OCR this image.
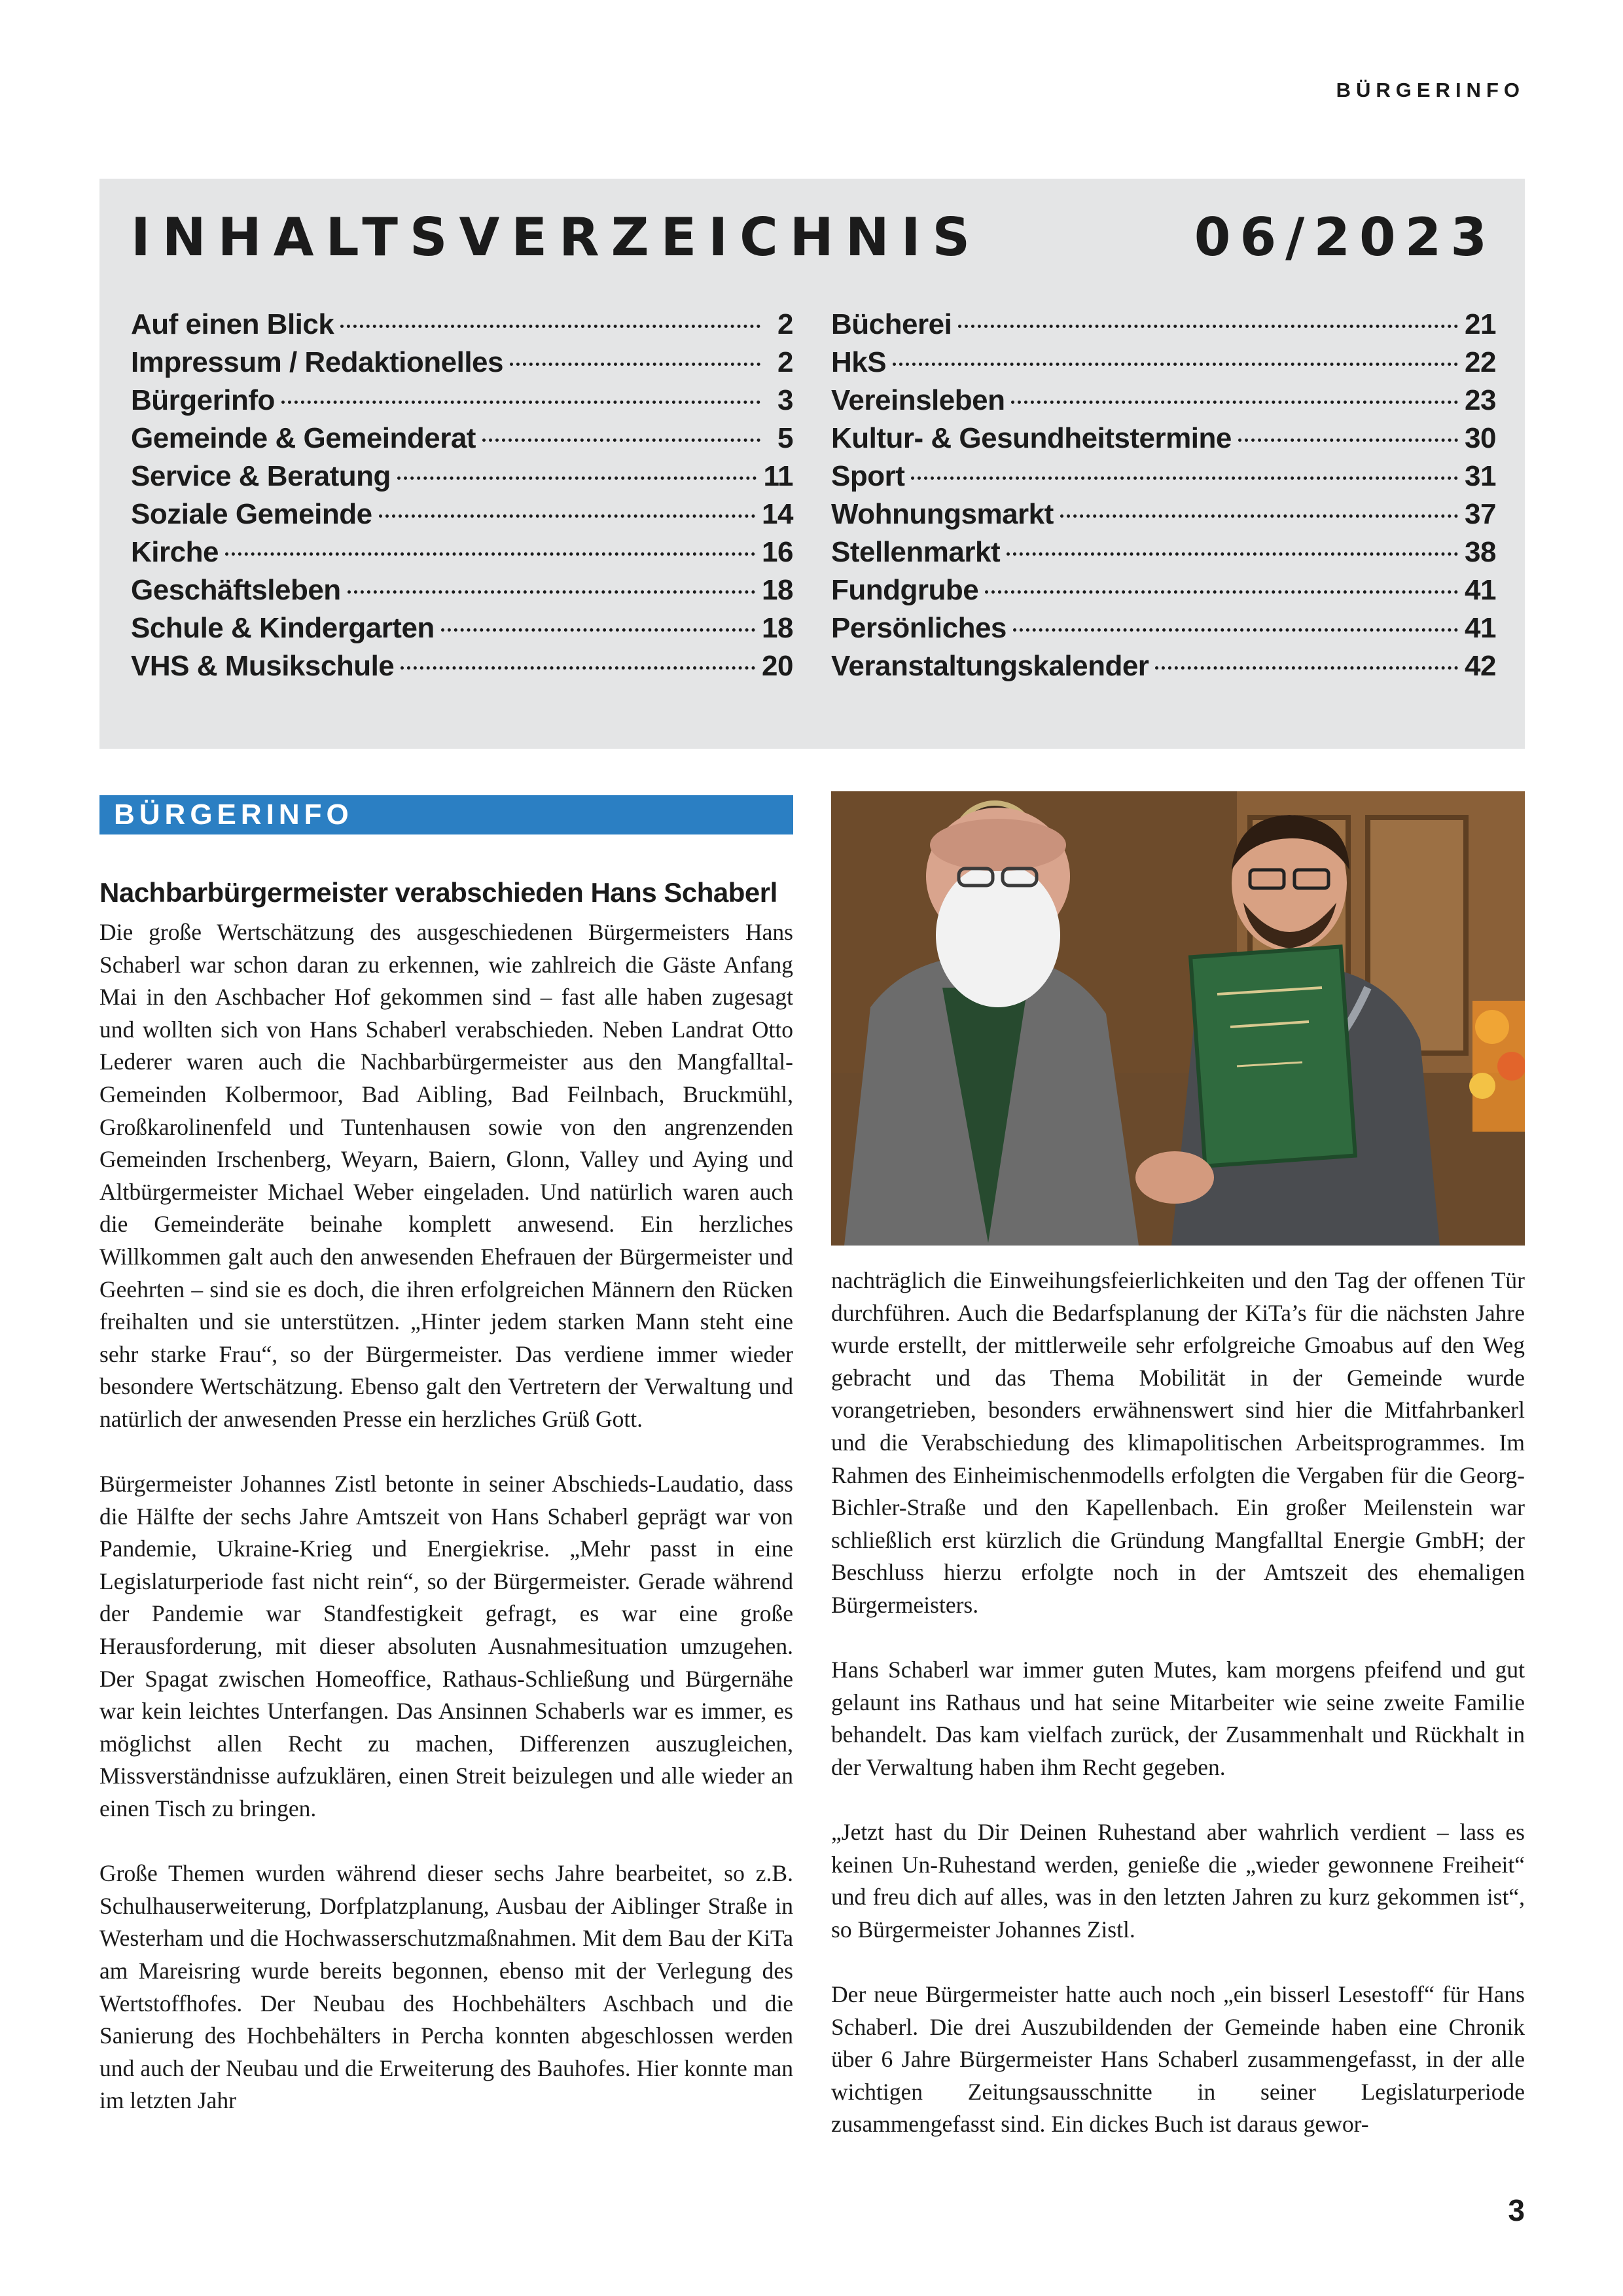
BÜRGERINFO
INHALTSVERZEICHNIS	06/2023
Auf einen Blick	2
Impressum / Redaktionelles	2
Bürgerinfo	3
Gemeinde & Gemeinderat	5
Service & Beratung	11
Soziale Gemeinde	14
Kirche	16
Geschäftsleben	18
Schule & Kindergarten	18
VHS & Musikschule	20
Bücherei	21
HkS	22
Vereinsleben	23
Kultur- & Gesundheitstermine	30
Sport	31
Wohnungsmarkt	37
Stellenmarkt	38
Fundgrube	41
Persönliches	41
Veranstaltungskalender	42
BÜRGERINFO
Nachbarbürgermeister verabschieden Hans Schaberl

Die große Wertschätzung des ausgeschiedenen Bürgermeisters Hans Schaberl war schon daran zu erkennen, wie zahlreich die Gäste Anfang Mai in den Aschbacher Hof gekommen sind – fast alle haben zugesagt und wollten sich von Hans Schaberl verabschieden. Neben Landrat Otto Lederer waren auch die Nachbarbürgermeister aus den Mangfalltal-Gemeinden Kolbermoor, Bad Aibling, Bad Feilnbach, Bruckmühl, Großkarolinenfeld und Tuntenhausen sowie von den angrenzenden Gemeinden Irschenberg, Weyarn, Baiern, Glonn, Valley und Aying und Altbürgermeister Michael Weber eingeladen. Und natürlich waren auch die Gemeinderäte beinahe komplett anwesend. Ein herzliches Willkommen galt auch den anwesenden Ehefrauen der Bürgermeister und Geehrten – sind sie es doch, die ihren erfolgreichen Männern den Rücken freihalten und sie unterstützen. „Hinter jedem starken Mann steht eine sehr starke Frau“, so der Bürgermeister. Das verdiene immer wieder besondere Wertschätzung. Ebenso galt den Vertretern der Verwaltung und natürlich der anwesenden Presse ein herzliches Grüß Gott.

Bürgermeister Johannes Zistl betonte in seiner Abschieds-Laudatio, dass die Hälfte der sechs Jahre Amtszeit von Hans Schaberl geprägt war von Pandemie, Ukraine-Krieg und Energiekrise. „Mehr passt in eine Legislaturperiode fast nicht rein“, so der Bürgermeister. Gerade während der Pandemie war Standfestigkeit gefragt, es war eine große Herausforderung, mit dieser absoluten Ausnahmesituation umzugehen. Der Spagat zwischen Homeoffice, Rathaus-Schließung und Bürgernähe war kein leichtes Unterfangen. Das Ansinnen Schaberls war es immer, es möglichst allen Recht zu machen, Differenzen auszugleichen, Missverständnisse aufzuklären, einen Streit beizulegen und alle wieder an einen Tisch zu bringen.

Große Themen wurden während dieser sechs Jahre bearbeitet, so z.B. Schulhauserweiterung, Dorfplatzplanung, Ausbau der Aiblinger Straße in Westerham und die Hochwasserschutzmaßnahmen. Mit dem Bau der KiTa am Mareisring wurde bereits begonnen, ebenso mit der Verlegung des Wertstoffhofes. Der Neubau des Hochbehälters Aschbach und die Sanierung des Hochbehälters in Percha konnten abgeschlossen werden und auch der Neubau und die Erweiterung des Bauhofes. Hier konnte man im letzten Jahr

nachträglich die Einweihungsfeierlichkeiten und den Tag der offenen Tür durchführen. Auch die Bedarfsplanung der KiTa’s für die nächsten Jahre wurde erstellt, der mittlerweile sehr erfolgreiche Gmoabus auf den Weg gebracht und das Thema Mobilität in der Gemeinde wurde vorangetrieben, besonders erwähnenswert sind hier die Mitfahrbankerl und die Verabschiedung des klimapolitischen Arbeitsprogrammes. Im Rahmen des Einheimischenmodells erfolgten die Vergaben für die Georg-Bichler-Straße und den Kapellenbach. Ein großer Meilenstein war schließlich erst kürzlich die Gründung Mangfalltal Energie GmbH; der Beschluss hierzu erfolgte noch in der Amtszeit des ehemaligen Bürgermeisters.

Hans Schaberl war immer guten Mutes, kam morgens pfeifend und gut gelaunt ins Rathaus und hat seine Mitarbeiter wie seine zweite Familie behandelt. Das kam vielfach zurück, der Zusammenhalt und Rückhalt in der Verwaltung haben ihm Recht gegeben.

„Jetzt hast du Dir Deinen Ruhestand aber wahrlich verdient – lass es keinen Un-Ruhestand werden, genieße die „wieder gewonnene Freiheit“ und freu dich auf alles, was in den letzten Jahren zu kurz gekommen ist“, so Bürgermeister Johannes Zistl.

Der neue Bürgermeister hatte auch noch „ein bisserl Lesestoff“ für Hans Schaberl. Die drei Auszubildenden der Gemeinde haben eine Chronik über 6 Jahre Bürgermeister Hans Schaberl zusammengefasst, in der alle wichtigen Zeitungsausschnitte in seiner Legislaturperiode zusammengefasst sind. Ein dickes Buch ist daraus gewor-

3
